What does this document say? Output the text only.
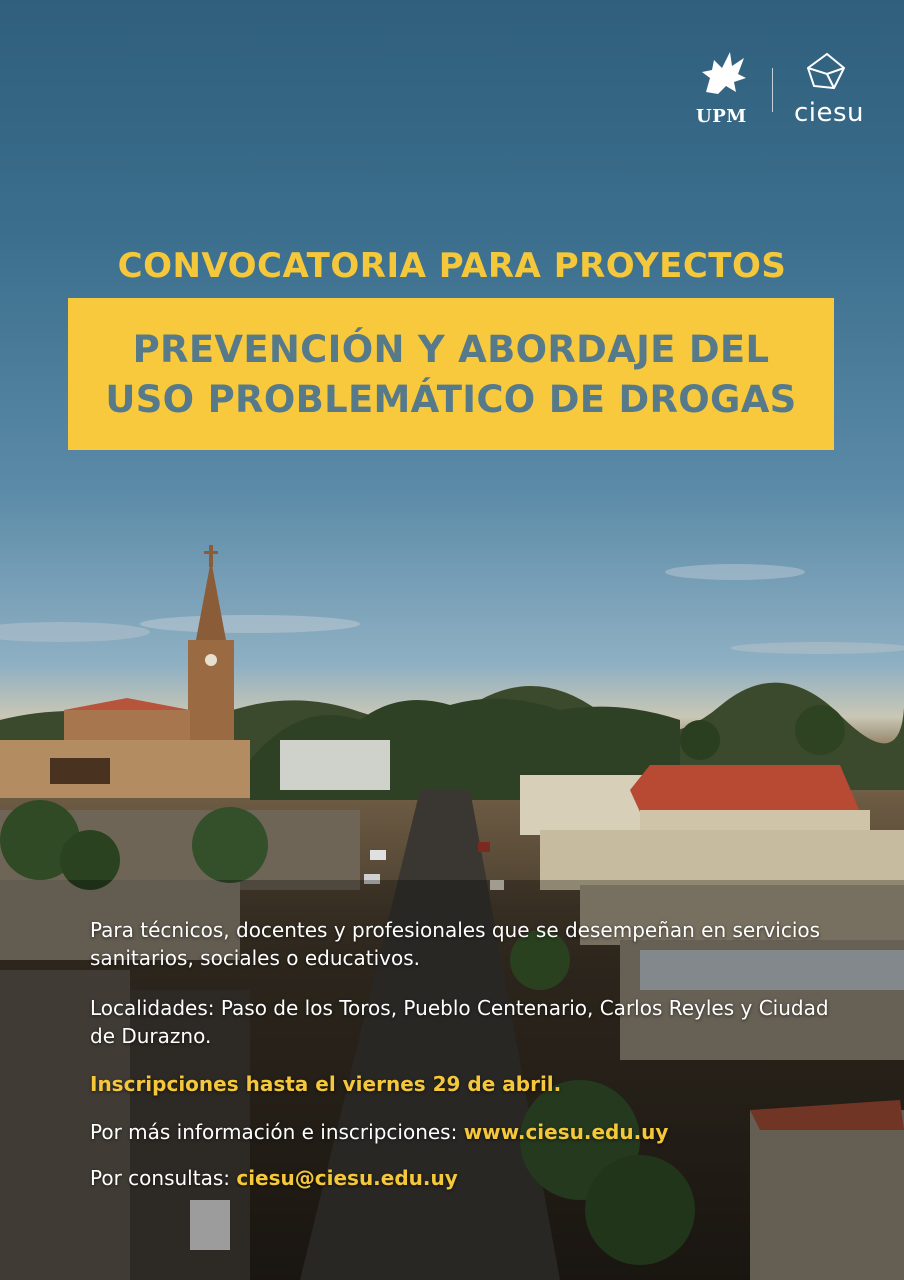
UPM ciesu
CONVOCATORIA PARA PROYECTOS
PREVENCIÓN Y ABORDAJE DEL
USO PROBLEMÁTICO DE DROGAS
Para técnicos, docentes y profesionales que se desempeñan en servicios sanitarios, sociales o educativos.
Localidades: Paso de los Toros, Pueblo Centenario, Carlos Reyles y Ciudad de Durazno.
Inscripciones hasta el viernes 29 de abril.
Por más información e inscripciones: www.ciesu.edu.uy
Por consultas: ciesu@ciesu.edu.uy
